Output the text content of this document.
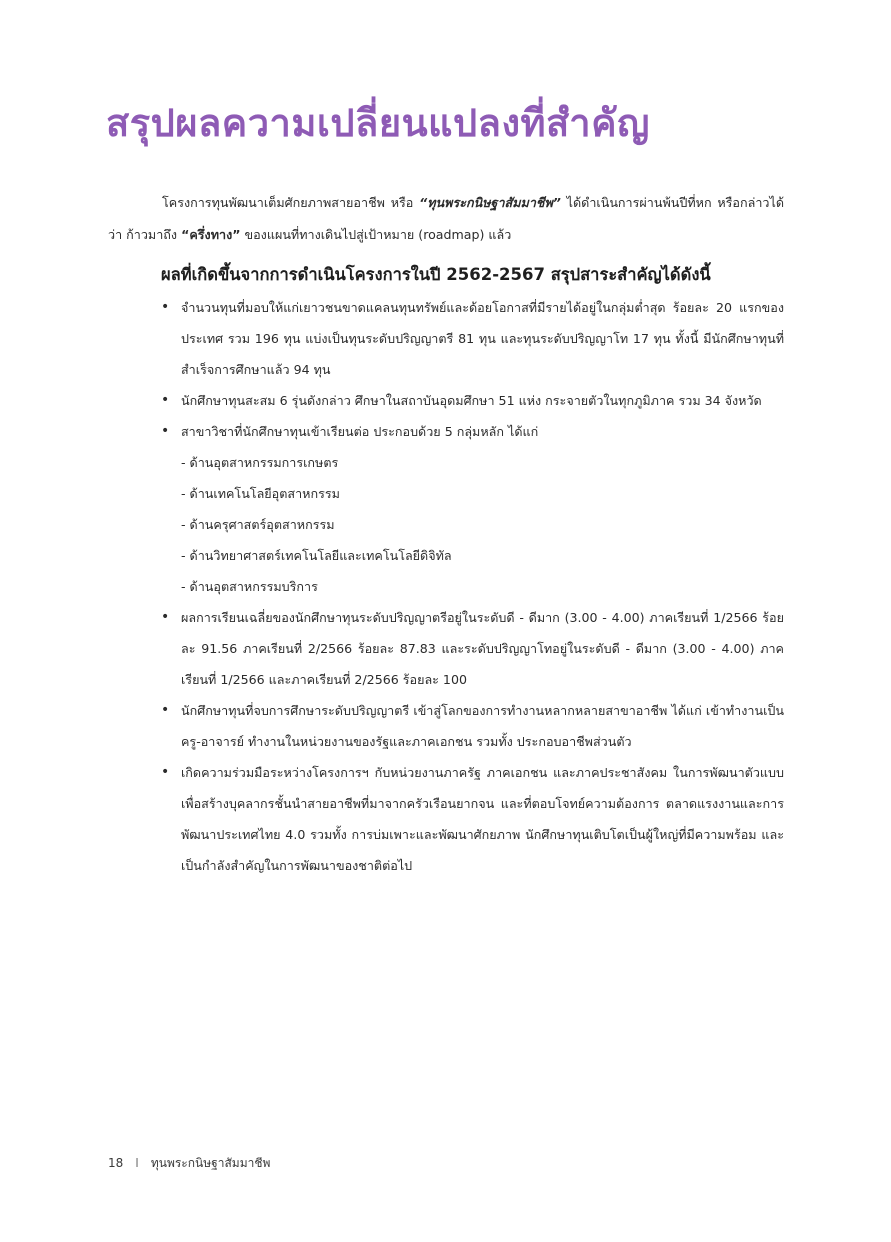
สรุปผลความเปลี่ยนแปลงที่สำคัญ

โครงการทุนพัฒนาเต็มศักยภาพสายอาชีพ หรือ “ทุนพระกนิษฐาสัมมาชีพ” ได้ดำเนินการผ่านพ้นปีที่หก หรือกล่าวได้ว่า ก้าวมาถึง “ครึ่งทาง” ของแผนที่ทางเดินไปสู่เป้าหมาย (roadmap) แล้ว

ผลที่เกิดขึ้นจากการดำเนินโครงการในปี 2562-2567 สรุปสาระสำคัญได้ดังนี้
• จำนวนทุนที่มอบให้แก่เยาวชนขาดแคลนทุนทรัพย์และด้อยโอกาสที่มีรายได้อยู่ในกลุ่มต่ำสุด ร้อยละ 20 แรกของประเทศ รวม 196 ทุน แบ่งเป็นทุนระดับปริญญาตรี 81 ทุน และทุนระดับปริญญาโท 17 ทุน ทั้งนี้ มีนักศึกษาทุนที่สำเร็จการศึกษาแล้ว 94 ทุน
• นักศึกษาทุนสะสม 6 รุ่นดังกล่าว ศึกษาในสถาบันอุดมศึกษา 51 แห่ง กระจายตัวในทุกภูมิภาค รวม 34 จังหวัด
• สาขาวิชาที่นักศึกษาทุนเข้าเรียนต่อ ประกอบด้วย 5 กลุ่มหลัก ได้แก่
- ด้านอุตสาหกรรมการเกษตร
- ด้านเทคโนโลยีอุตสาหกรรม
- ด้านครุศาสตร์อุตสาหกรรม
- ด้านวิทยาศาสตร์เทคโนโลยีและเทคโนโลยีดิจิทัล
- ด้านอุตสาหกรรมบริการ
• ผลการเรียนเฉลี่ยของนักศึกษาทุนระดับปริญญาตรีอยู่ในระดับดี - ดีมาก (3.00 - 4.00) ภาคเรียนที่ 1/2566 ร้อยละ 91.56 ภาคเรียนที่ 2/2566 ร้อยละ 87.83 และระดับปริญญาโทอยู่ในระดับดี - ดีมาก (3.00 - 4.00) ภาคเรียนที่ 1/2566 และภาคเรียนที่ 2/2566 ร้อยละ 100
• นักศึกษาทุนที่จบการศึกษาระดับปริญญาตรี เข้าสู่โลกของการทำงานหลากหลายสาขาอาชีพ ได้แก่ เข้าทำงานเป็นครู-อาจารย์ ทำงานในหน่วยงานของรัฐและภาคเอกชน รวมทั้ง ประกอบอาชีพส่วนตัว
• เกิดความร่วมมือระหว่างโครงการฯ กับหน่วยงานภาครัฐ ภาคเอกชน และภาคประชาสังคม ในการพัฒนาตัวแบบเพื่อสร้างบุคลากรชั้นนำสายอาชีพที่มาจากครัวเรือนยากจน และที่ตอบโจทย์ความต้องการ ตลาดแรงงานและการพัฒนาประเทศไทย 4.0 รวมทั้ง การบ่มเพาะและพัฒนาศักยภาพ นักศึกษาทุนเติบโตเป็นผู้ใหญ่ที่มีความพร้อม และเป็นกำลังสำคัญในการพัฒนาของชาติต่อไป
18 I ทุนพระกนิษฐาสัมมาชีพ
